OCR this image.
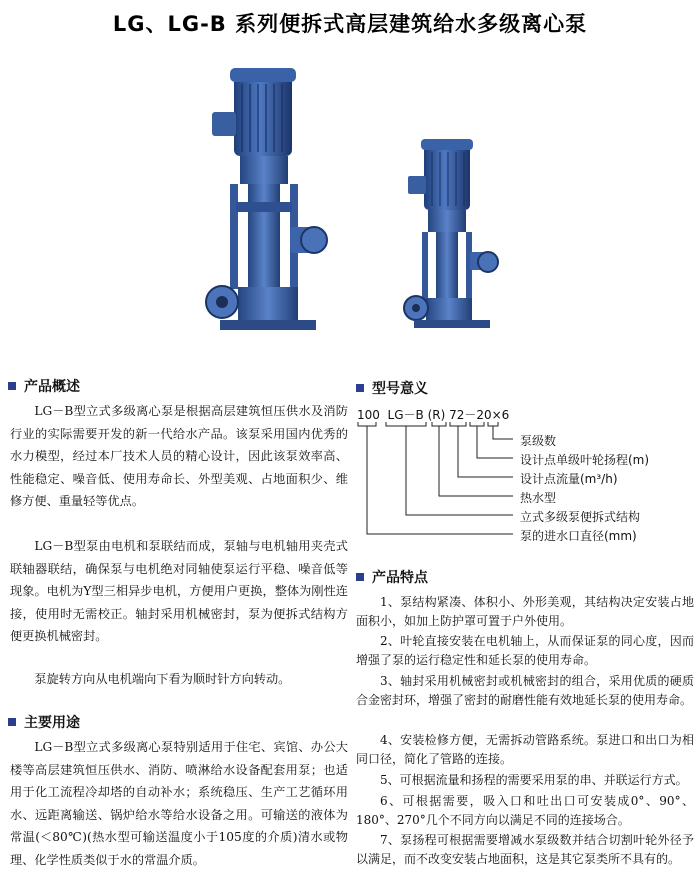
LG、LG-B 系列便拆式高层建筑给水多级离心泵
产品概述
LG－B型立式多级离心泵是根据高层建筑恒压供水及消防行业的实际需要开发的新一代给水产品。该泵采用国内优秀的水力模型，经过本厂技术人员的精心设计，因此该泵效率高、性能稳定、噪音低、使用寿命长、外型美观、占地面积少、维修方便、重量轻等优点。
LG－B型泵由电机和泵联结而成，泵轴与电机轴用夹壳式联轴器联结，确保泵与电机绝对同轴使泵运行平稳、噪音低等现象。电机为Y型三相异步电机，方便用户更换，整体为刚性连接，使用时无需校正。轴封采用机械密封，泵为便拆式结构方便更换机械密封。
泵旋转方向从电机端向下看为顺时针方向转动。
主要用途
LG－B型立式多级离心泵特别适用于住宅、宾馆、办公大楼等高层建筑恒压供水、消防、喷淋给水设备配套用泵；也适用于化工流程冷却塔的自动补水；系统稳压、生产工艺循环用水、远距离输送、锅炉给水等给水设备之用。可输送的液体为常温(＜80℃)(热水型可输送温度小于105度的介质)清水或物理、化学性质类似于水的常温介质。
型号意义
100  LG－B (R) 72－20×6
泵级数
设计点单级叶轮扬程(m)
设计点流量(m³/h)
热水型
立式多级泵便拆式结构
泵的进水口直径(mm)
产品特点
1、泵结构紧凑、体积小、外形美观，其结构决定安装占地面积小，如加上防护罩可置于户外使用。
2、叶轮直接安装在电机轴上，从而保证泵的同心度，因而增强了泵的运行稳定性和延长泵的使用寿命。
3、轴封采用机械密封或机械密封的组合，采用优质的硬质合金密封环，增强了密封的耐磨性能有效地延长泵的使用寿命。
4、安装检修方便，无需拆动管路系统。泵进口和出口为相同口径，简化了管路的连接。
5、可根据流量和扬程的需要采用泵的串、并联运行方式。
6、可根据需要，吸入口和吐出口可安装成0°、90°、180°、270°几个不同方向以满足不同的连接场合。
7、泵扬程可根据需要增减水泵级数并结合切割叶轮外径予以满足，而不改变安装占地面积，这是其它泵类所不具有的。
